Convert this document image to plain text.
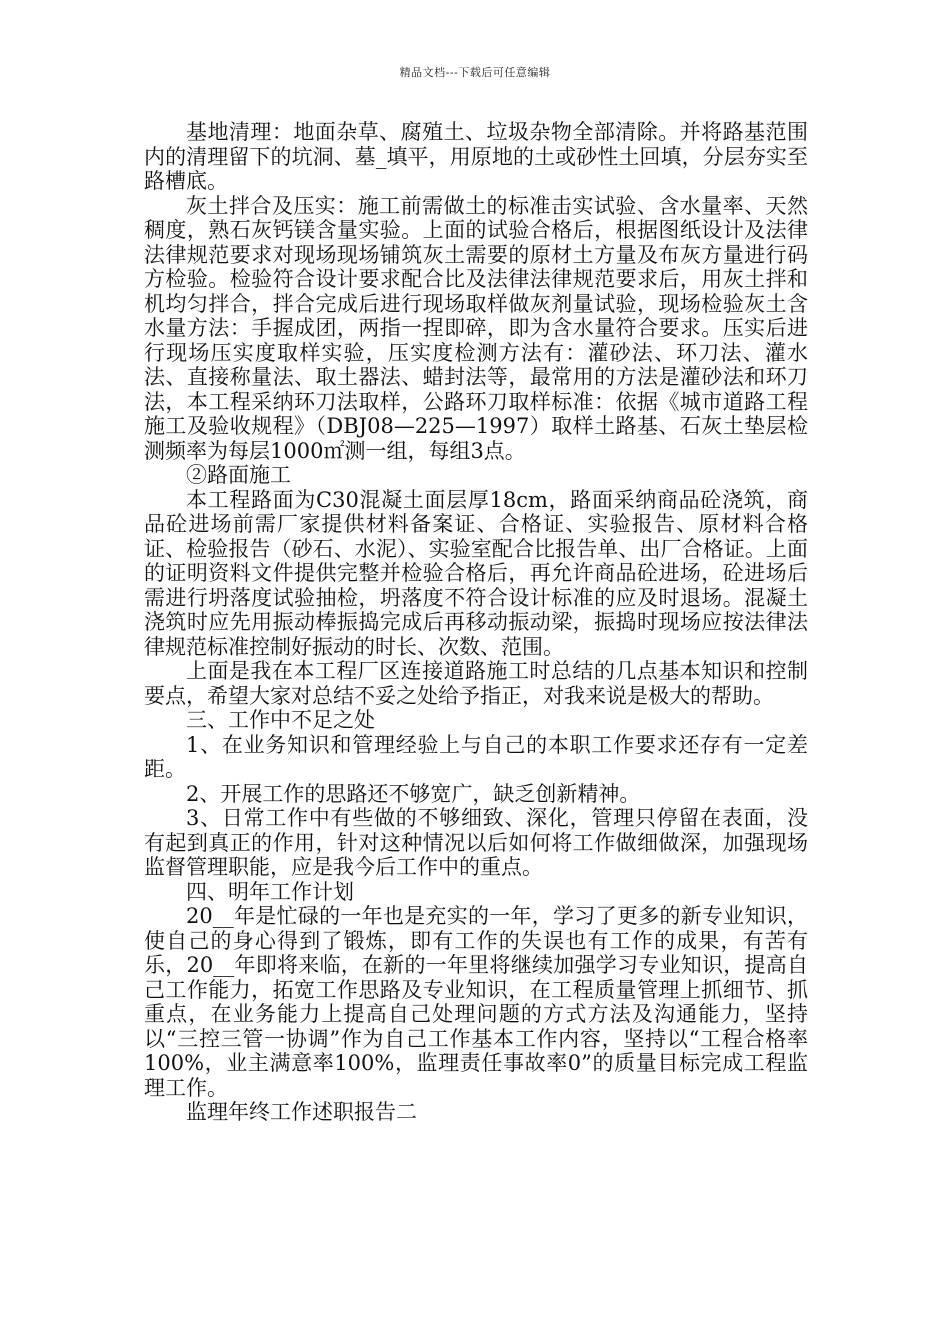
精品文档---下载后可任意编辑

基地清理：地面杂草、腐殖土、垃圾杂物全部清除。并将路基范围内的清理留下的坑洞、墓_填平，用原地的土或砂性土回填，分层夯实至路槽底。

灰土拌合及压实：施工前需做土的标准击实试验、含水量率、天然稠度，熟石灰钙镁含量实验。上面的试验合格后，根据图纸设计及法律法律规范要求对现场现场铺筑灰土需要的原材土方量及布灰方量进行码方检验。检验符合设计要求配合比及法律法律规范要求后，用灰土拌和机均匀拌合，拌合完成后进行现场取样做灰剂量试验，现场检验灰土含水量方法：手握成团，两指一捏即碎，即为含水量符合要求。压实后进行现场压实度取样实验，压实度检测方法有：灌砂法、环刀法、灌水法、直接称量法、取土器法、蜡封法等，最常用的方法是灌砂法和环刀法，本工程采纳环刀法取样，公路环刀取样标准：依据《城市道路工程施工及验收规程》（DBJ08—225—1997）取样土路基、石灰土垫层检测频率为每层1000㎡测一组，每组3点。

②路面施工

本工程路面为C30混凝土面层厚18cm，路面采纳商品砼浇筑，商品砼进场前需厂家提供材料备案证、合格证、实验报告、原材料合格证、检验报告（砂石、水泥）、实验室配合比报告单、出厂合格证。上面的证明资料文件提供完整并检验合格后，再允许商品砼进场，砼进场后需进行坍落度试验抽检，坍落度不符合设计标准的应及时退场。混凝土浇筑时应先用振动棒振捣完成后再移动振动梁，振捣时现场应按法律法律规范标准控制好振动的时长、次数、范围。

上面是我在本工程厂区连接道路施工时总结的几点基本知识和控制要点，希望大家对总结不妥之处给予指正，对我来说是极大的帮助。

三、工作中不足之处

1、在业务知识和管理经验上与自己的本职工作要求还存有一定差距。

2、开展工作的思路还不够宽广，缺乏创新精神。

3、日常工作中有些做的不够细致、深化，管理只停留在表面，没有起到真正的作用，针对这种情况以后如何将工作做细做深，加强现场监督管理职能，应是我今后工作中的重点。

四、明年工作计划

20__年是忙碌的一年也是充实的一年，学习了更多的新专业知识，使自己的身心得到了锻炼，即有工作的失误也有工作的成果，有苦有乐，20__年即将来临，在新的一年里将继续加强学习专业知识，提高自己工作能力，拓宽工作思路及专业知识，在工程质量管理上抓细节、抓重点，在业务能力上提高自己处理问题的方式方法及沟通能力，坚持以“三控三管一协调”作为自己工作基本工作内容，坚持以“工程合格率100%，业主满意率100%，监理责任事故率0”的质量目标完成工程监理工作。

监理年终工作述职报告二
